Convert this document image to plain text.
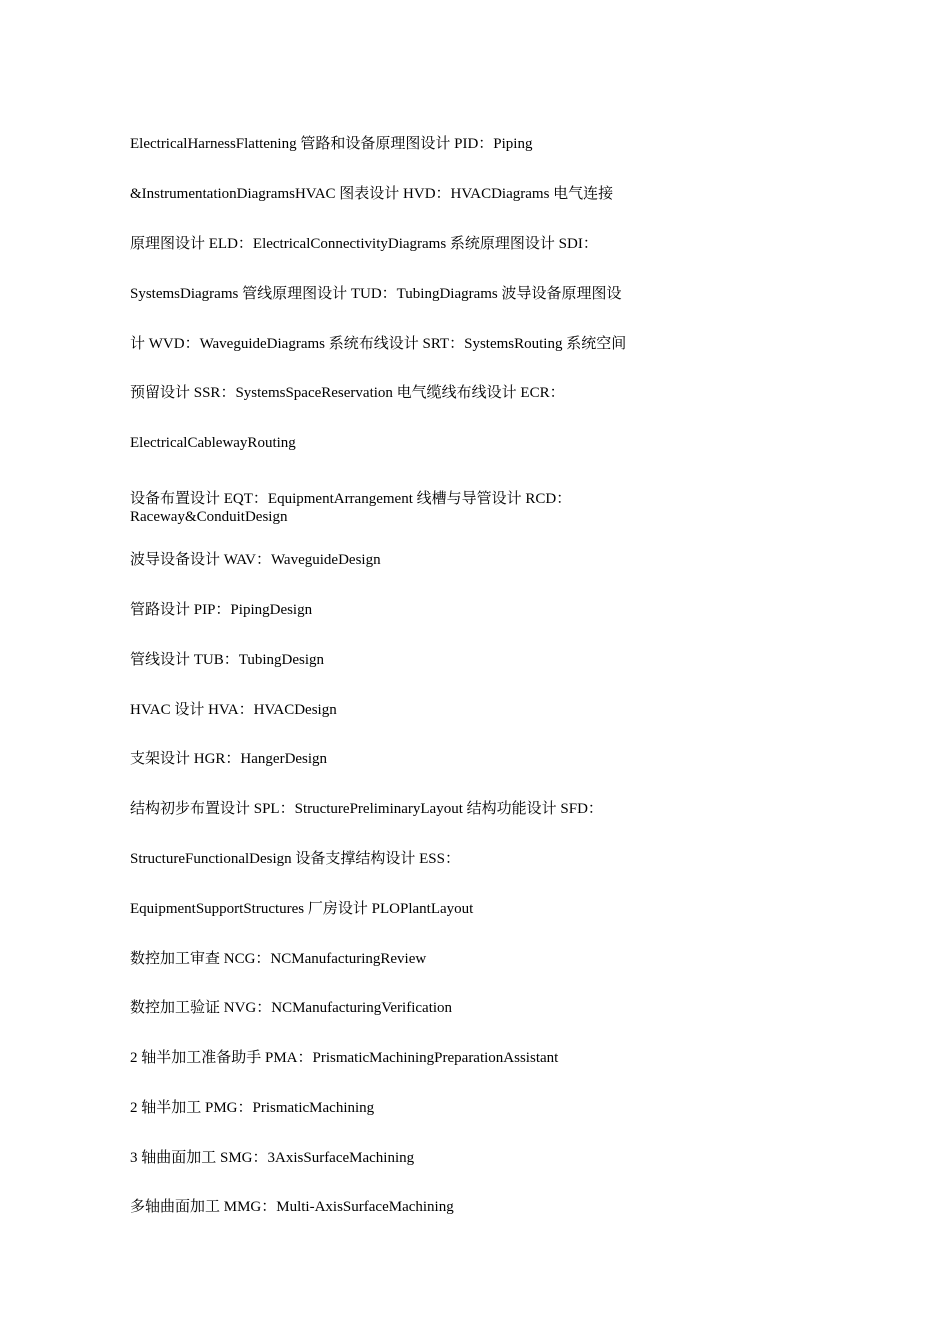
ElectricalHarnessFlattening 管路和设备原理图设计 PID：Piping
&InstrumentationDiagramsHVAC 图表设计 HVD：HVACDiagrams 电气连接
原理图设计 ELD：ElectricalConnectivityDiagrams 系统原理图设计 SDI：
SystemsDiagrams 管线原理图设计 TUD：TubingDiagrams 波导设备原理图设
计 WVD：WaveguideDiagrams 系统布线设计 SRT：SystemsRouting 系统空间
预留设计 SSR：SystemsSpaceReservation 电气缆线布线设计 ECR：
ElectricalCablewayRouting
设备布置设计 EQT：EquipmentArrangement 线槽与导管设计 RCD：
Raceway&ConduitDesign
波导设备设计 WAV：WaveguideDesign
管路设计 PIP：PipingDesign
管线设计 TUB：TubingDesign
HVAC 设计 HVA：HVACDesign
支架设计 HGR：HangerDesign
结构初步布置设计 SPL：StructurePreliminaryLayout 结构功能设计 SFD：
StructureFunctionalDesign 设备支撑结构设计 ESS：
EquipmentSupportStructures 厂房设计 PLOPlantLayout
数控加工审查 NCG：NCManufacturingReview
数控加工验证 NVG：NCManufacturingVerification
2 轴半加工准备助手 PMA：PrismaticMachiningPreparationAssistant
2 轴半加工 PMG：PrismaticMachining
3 轴曲面加工 SMG：3AxisSurfaceMachining
多轴曲面加工 MMG：Multi-AxisSurfaceMachining
